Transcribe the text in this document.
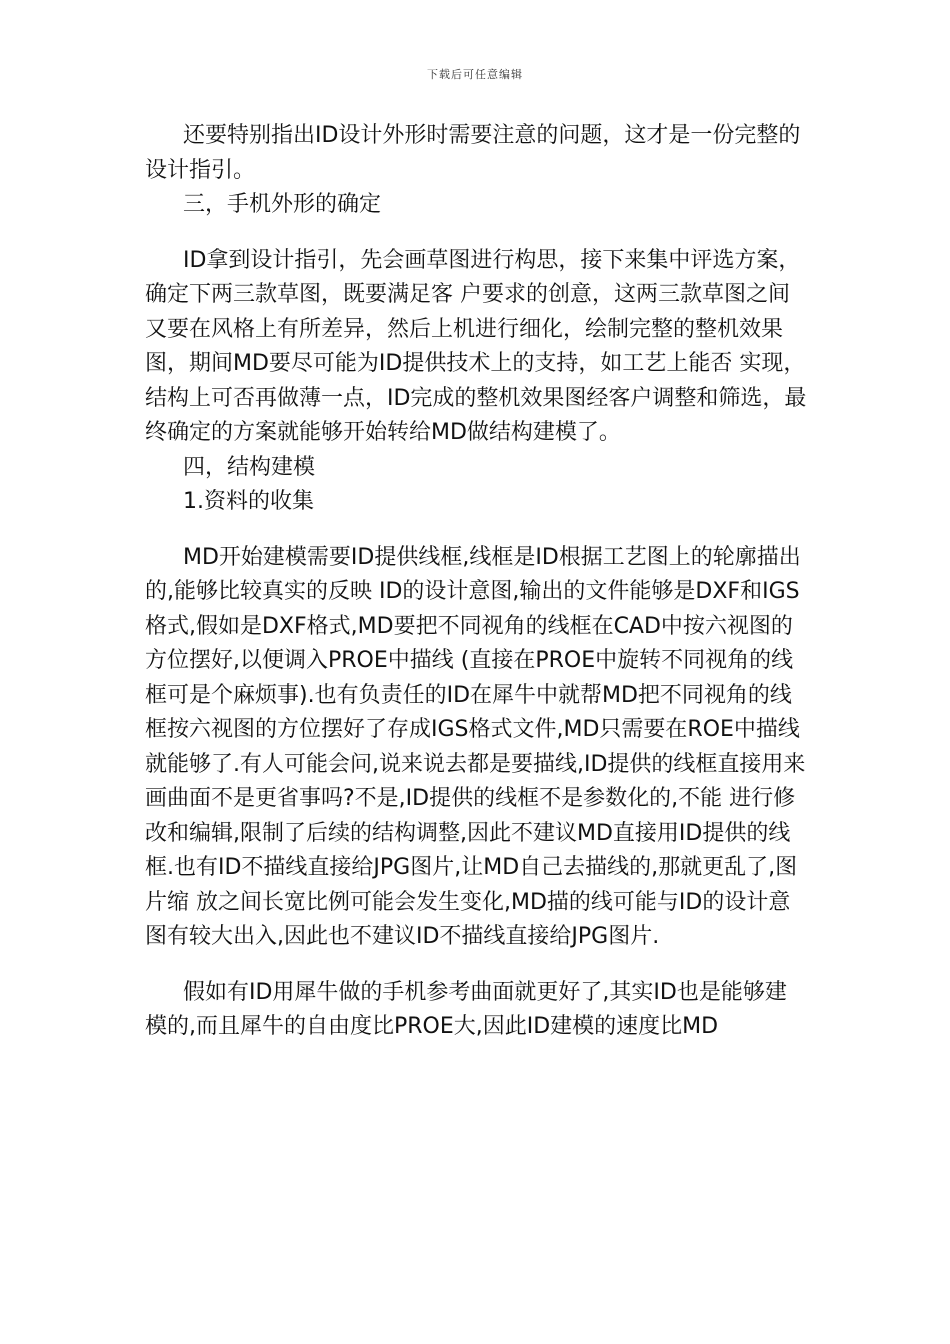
下载后可任意编辑

还要特别指出ID设计外形时需要注意的问题，这才是一份完整的设计指引。

三，手机外形的确定

ID拿到设计指引，先会画草图进行构思，接下来集中评选方案，确定下两三款草图，既要满足客 户要求的创意，这两三款草图之间又要在风格上有所差异，然后上机进行细化，绘制完整的整机效果图，期间MD要尽可能为ID提供技术上的支持，如工艺上能否 实现，结构上可否再做薄一点，ID完成的整机效果图经客户调整和筛选，最终确定的方案就能够开始转给MD做结构建模了。

四，结构建模

1.资料的收集

MD开始建模需要ID提供线框,线框是ID根据工艺图上的轮廓描出的,能够比较真实的反映 ID的设计意图,输出的文件能够是DXF和IGS格式,假如是DXF格式,MD要把不同视角的线框在CAD中按六视图的方位摆好,以便调入PROE中描线 (直接在PROE中旋转不同视角的线框可是个麻烦事).也有负责任的ID在犀牛中就帮MD把不同视角的线框按六视图的方位摆好了存成IGS格式文件,MD只需要在ROE中描线就能够了.有人可能会问,说来说去都是要描线,ID提供的线框直接用来画曲面不是更省事吗?不是,ID提供的线框不是参数化的,不能 进行修改和编辑,限制了后续的结构调整,因此不建议MD直接用ID提供的线框.也有ID不描线直接给JPG图片,让MD自己去描线的,那就更乱了,图片缩 放之间长宽比例可能会发生变化,MD描的线可能与ID的设计意图有较大出入,因此也不建议ID不描线直接给JPG图片.

假如有ID用犀牛做的手机参考曲面就更好了,其实ID也是能够建模的,而且犀牛的自由度比PROE大,因此ID建模的速度比MD
